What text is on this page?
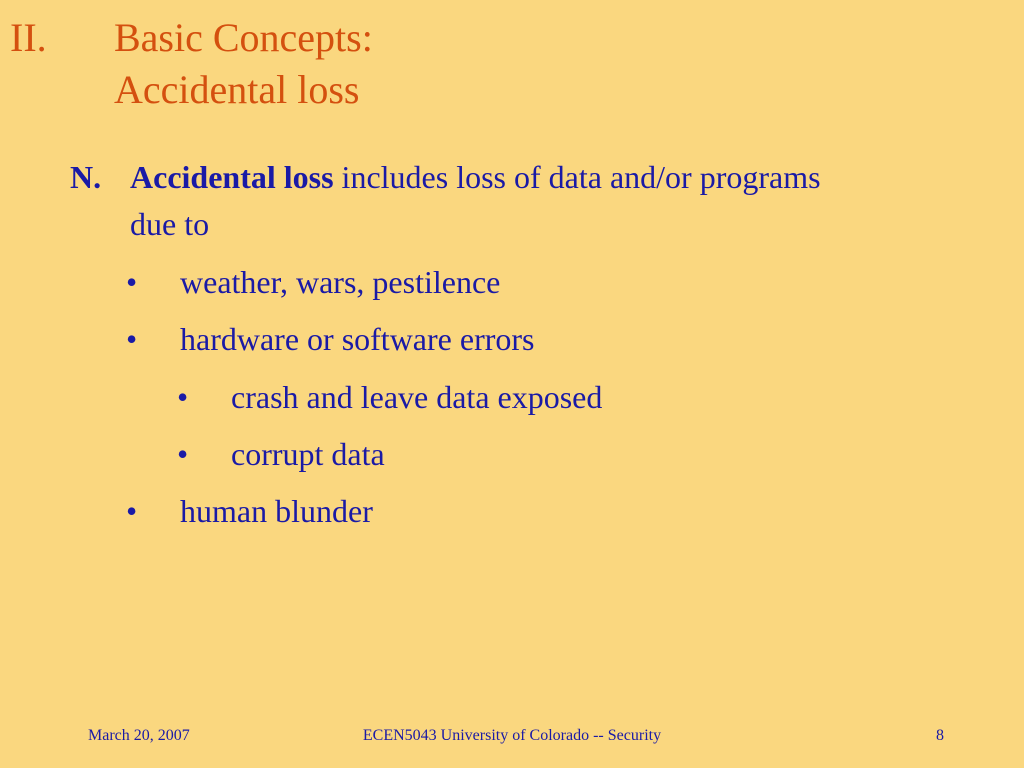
II.	Basic Concepts:
Accidental loss
N. Accidental loss includes loss of data and/or programs due to
• weather, wars, pestilence
• hardware or software errors
• crash and leave data exposed
• corrupt data
• human blunder
March 20, 2007	ECEN5043 University of Colorado -- Security	8
